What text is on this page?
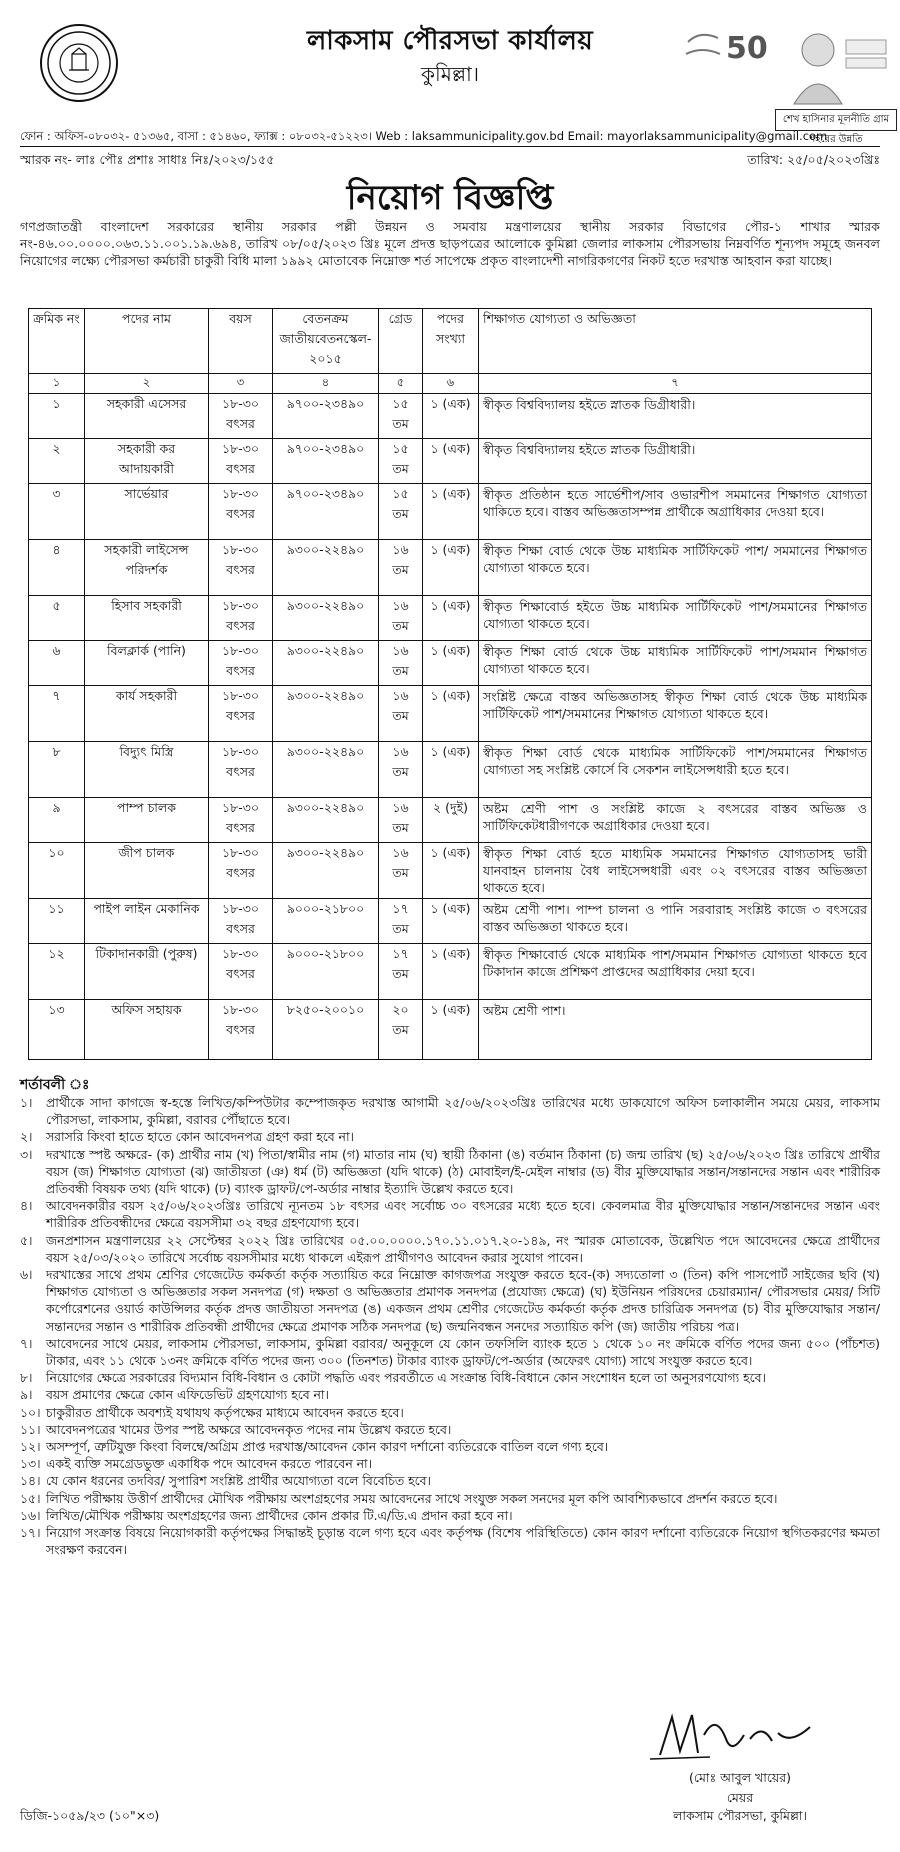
লাকসাম পৌরসভা কার্যালয়
কুমিল্লা।
50
শেখ হাসিনার মূলনীতি গ্রাম শহরের উন্নতি
ফোন : অফিস-০৮০৩২- ৫১৩৬৫, বাসা : ৫১৪৬০, ফ্যাক্স : ০৮০৩২-৫১২২৩। Web : laksammunicipality.gov.bd Email: mayorlaksammunicipality@gmail.com
স্মারক নং- লাঃ পৌঃ প্রশাঃ সাধাঃ নিঃ/২০২৩/১৫৫	তারিখ: ২৫/০৫/২০২৩খ্রিঃ
নিয়োগ বিজ্ঞপ্তি
গণপ্রজাতন্ত্রী বাংলাদেশ সরকারের স্থানীয় সরকার পল্লী উন্নয়ন ও সমবায় মন্ত্রণালয়ের স্থানীয় সরকার বিভাগের পৌর-১ শাখার স্মারক নং-৪৬.০০.০০০০.০৬৩.১১.০০১.১৯.৬৯৪, তারিখ ০৮/০৫/২০২৩ খ্রিঃ মূলে প্রদত্ত ছাড়পত্রের আলোকে কুমিল্লা জেলার লাকসাম পৌরসভায় নিম্নবর্ণিত শূন্যপদ সমূহে জনবল নিয়োগের লক্ষ্যে পৌরসভা কর্মচারী চাকুরী বিধি মালা ১৯৯২ মোতাবেক নিম্নোক্ত শর্ত সাপেক্ষে প্রকৃত বাংলাদেশী নাগরিকগণের নিকট হতে দরখাস্ত আহবান করা যাচ্ছে।
ক্রমিক নং	পদের নাম	বয়স	বেতনক্রম জাতীয়বেতনস্কেল- ২০১৫	গ্রেড	পদের সংখ্যা	শিক্ষাগত যোগ্যতা ও অভিজ্ঞতা
১	২	৩	৪	৫	৬	৭
১	সহকারী এসেসর	১৮-৩০ বৎসর	৯৭০০-২৩৪৯০	১৫ তম	১ (এক)	স্বীকৃত বিশ্ববিদ্যালয় হইতে স্নাতক ডিগ্রীধারী।
২	সহকারী কর আদায়কারী	১৮-৩০ বৎসর	৯৭০০-২৩৪৯০	১৫ তম	১ (এক)	স্বীকৃত বিশ্ববিদ্যালয় হইতে স্নাতক ডিগ্রীধারী।
৩	সার্ভেয়ার	১৮-৩০ বৎসর	৯৭০০-২৩৪৯০	১৫ তম	১ (এক)	স্বীকৃত প্রতিষ্ঠান হতে সার্ভেশীপ/সাব ওভারশীপ সমমানের শিক্ষাগত যোগ্যতা থাকিতে হবে। বাস্তব অভিজ্ঞতাসম্পন্ন প্রার্থীকে অগ্রাধিকার দেওয়া হবে।
৪	সহকারী লাইসেন্স পরিদর্শক	১৮-৩০ বৎসর	৯৩০০-২২৪৯০	১৬ তম	১ (এক)	স্বীকৃত শিক্ষা বোর্ড থেকে উচ্চ মাধ্যমিক সার্টিফিকেট পাশ/ সমমানের শিক্ষাগত যোগ্যতা থাকতে হবে।
৫	হিসাব সহকারী	১৮-৩০ বৎসর	৯৩০০-২২৪৯০	১৬ তম	১ (এক)	স্বীকৃত শিক্ষাবোর্ড হইতে উচ্চ মাধ্যমিক সার্টিফিকেট পাশ/সমমানের শিক্ষাগত যোগ্যতা থাকতে হবে।
৬	বিলক্লার্ক (পানি)	১৮-৩০ বৎসর	৯৩০০-২২৪৯০	১৬ তম	১ (এক)	স্বীকৃত শিক্ষা বোর্ড থেকে উচ্চ মাধ্যমিক সার্টিফিকেট পাশ/সমমান শিক্ষাগত যোগ্যতা থাকতে হবে।
৭	কার্য সহকারী	১৮-৩০ বৎসর	৯৩০০-২২৪৯০	১৬ তম	১ (এক)	সংশ্লিষ্ট ক্ষেত্রে বাস্তব অভিজ্ঞতাসহ স্বীকৃত শিক্ষা বোর্ড থেকে উচ্চ মাধ্যমিক সার্টিফিকেট পাশ/সমমানের শিক্ষাগত যোগ্যতা থাকতে হবে।
৮	বিদ্যুৎ মিস্ত্রি	১৮-৩০ বৎসর	৯৩০০-২২৪৯০	১৬ তম	১ (এক)	স্বীকৃত শিক্ষা বোর্ড থেকে মাধ্যমিক সার্টিফিকেট পাশ/সমমানের শিক্ষাগত যোগ্যতা সহ সংশ্লিষ্ট কোর্সে বি সেকশন লাইসেন্সধারী হতে হবে।
৯	পাম্প চালক	১৮-৩০ বৎসর	৯৩০০-২২৪৯০	১৬ তম	২ (দুই)	অষ্টম শ্রেণী পাশ ও সংশ্লিষ্ট কাজে ২ বৎসরের বাস্তব অভিজ্ঞ ও সার্টিফিকেটধারীগণকে অগ্রাধিকার দেওয়া হবে।
১০	জীপ চালক	১৮-৩০ বৎসর	৯৩০০-২২৪৯০	১৬ তম	১ (এক)	স্বীকৃত শিক্ষা বোর্ড হতে মাধ্যমিক সমমানের শিক্ষাগত যোগ্যতাসহ ভারী যানবাহন চালনায় বৈধ লাইসেন্সধারী এবং ০২ বৎসরের বাস্তব অভিজ্ঞতা থাকতে হবে।
১১	পাইপ লাইন মেকানিক	১৮-৩০ বৎসর	৯০০০-২১৮০০	১৭ তম	১ (এক)	অষ্টম শ্রেণী পাশ। পাম্প চালনা ও পানি সরবারাহ সংশ্লিষ্ট কাজে ৩ বৎসরের বাস্তব অভিজ্ঞতা থাকতে হবে।
১২	টিকাদানকারী (পুরুষ)	১৮-৩০ বৎসর	৯০০০-২১৮০০	১৭ তম	১ (এক)	স্বীকৃত শিক্ষাবোর্ড থেকে মাধ্যমিক পাশ/সমমান শিক্ষাগত যোগ্যতা থাকতে হবে টিকাদান কাজে প্রশিক্ষণ প্রাপ্তদের অগ্রাধিকার দেয়া হবে।
১৩	অফিস সহায়ক	১৮-৩০ বৎসর	৮২৫০-২০০১০	২০ তম	১ (এক)	অষ্টম শ্রেণী পাশ।
শর্তাবলী ঃ
১।	প্রার্থীকে সাদা কাগজে স্ব-হস্তে লিখিত/কম্পিউটার কম্পোজকৃত দরখাস্ত আগামী ২৫/০৬/২০২৩খ্রিঃ তারিখের মধ্যে ডাকযোগে অফিস চলাকালীন সময়ে মেয়র, লাকসাম পৌরসভা, লাকসাম, কুমিল্লা, বরাবর পৌঁছাতে হবে।
২।	সরাসরি কিংবা হাতে হাতে কোন আবেদনপত্র গ্রহণ করা হবে না।
৩।	দরখাস্তে স্পষ্ট অক্ষরে- (ক) প্রার্থীর নাম (খ) পিতা/স্বামীর নাম (গ) মাতার নাম (ঘ) স্থায়ী ঠিকানা (ঙ) বর্তমান ঠিকানা (চ) জন্ম তারিখ (ছ) ২৫/০৬/২০২৩ খ্রিঃ তারিখে প্রার্থীর বয়স (জ) শিক্ষাগত যোগ্যতা (ঝ) জাতীয়তা (ঞ) ধর্ম (ট) অভিজ্ঞতা (যদি থাকে) (ঠ) মোবাইল/ই-মেইল নাম্বার (ড) বীর মুক্তিযোদ্ধার সন্তান/সন্তানদের সন্তান এবং শারীরিক প্রতিবন্ধী বিষয়ক তথ্য (যদি থাকে) (ঢ) ব্যাংক ড্রাফট/পে-অর্ডার নাম্বার ইত্যাদি উল্লেখ করতে হবে।
৪।	আবেদনকারীর বয়স ২৫/০৬/২০২৩খ্রিঃ তারিখে ন্যূনতম ১৮ বৎসর এবং সর্বোচ্চ ৩০ বৎসরের মধ্যে হতে হবে। কেবলমাত্র বীর মুক্তিযোদ্ধার সন্তান/সন্তানদের সন্তান এবং শারীরিক প্রতিবন্ধীদের ক্ষেত্রে বয়সসীমা ৩২ বছর গ্রহণযোগ্য হবে।
৫।	জনপ্রশাসন মন্ত্রণালয়ের ২২ সেপ্টেম্বর ২০২২ খ্রিঃ তারিখের ০৫.০০.০০০০.১৭০.১১.০১৭.২০-১৪৯, নং স্মারক মোতাবেক, উল্লেখিত পদে আবেদনের ক্ষেত্রে প্রার্থীদের বয়স ২৫/০৩/২০২০ তারিখে সর্বোচ্চ বয়সসীমার মধ্যে থাকলে এইরূপ প্রার্থীগণও আবেদন করার সুযোগ পাবেন।
৬।	দরখাস্তের সাথে প্রথম শ্রেণির গেজেটেড কর্মকর্তা কর্তৃক সত্যায়িত করে নিম্নোক্ত কাগজপত্র সংযুক্ত করতে হবে-(ক) সদ্যতোলা ৩ (তিন) কপি পাসপোর্ট সাইজের ছবি (খ) শিক্ষাগত যোগ্যতা ও অভিজ্ঞতার সকল সনদপত্র (গ) দক্ষতা ও অভিজ্ঞতার প্রমাণক সনদপত্র (প্রযোজ্য ক্ষেত্রে) (ঘ) ইউনিয়ন পরিষদের চেয়ারম্যান/ পৌরসভার মেয়র/ সিটি কর্পোরেশনের ওয়ার্ড কাউন্সিলর কর্তৃক প্রদত্ত জাতীয়তা সনদপত্র (ঙ) একজন প্রথম শ্রেণীর গেজেটেড কর্মকর্তা কর্তৃক প্রদত্ত চারিত্রিক সনদপত্র (চ) বীর মুক্তিযোদ্ধার সন্তান/সন্তানদের সন্তান ও শারীরিক প্রতিবন্ধী প্রার্থীদের ক্ষেত্রে প্রমাণক সঠিক সনদপত্র (ছ) জন্মনিবন্ধন সনদের সত্যায়িত কপি (জ) জাতীয় পরিচয় পত্র।
৭।	আবেদনের সাথে মেয়র, লাকসাম পৌরসভা, লাকসাম, কুমিল্লা বরাবর/ অনুকূলে যে কোন তফসিলি ব্যাংক হতে ১ থেকে ১০ নং ক্রমিকে বর্ণিত পদের জন্য ৫০০ (পাঁচশত) টাকার, এবং ১১ থেকে ১৩নং ক্রমিকে বর্ণিত পদের জন্য ৩০০ (তিনশত) টাকার ব্যাংক ড্রাফট/পে-অর্ডার (অফেরৎ যোগ্য) সাথে সংযুক্ত করতে হবে।
৮।	নিয়োগের ক্ষেত্রে সরকারের বিদ্যমান বিধি-বিধান ও কোটা পদ্ধতি এবং পরবর্তীতে এ সংক্রান্ত বিধি-বিধানে কোন সংশোধন হলে তা অনুসরণযোগ্য হবে।
৯।	বয়স প্রমাণের ক্ষেত্রে কোন এফিডেভিট গ্রহণযোগ্য হবে না।
১০। চাকুরীরত প্রার্থীকে অবশ্যই যথাযথ কর্তৃপক্ষের মাধ্যমে আবেদন করতে হবে।
১১। আবেদনপত্রের খামের উপর স্পষ্ট অক্ষরে আবেদনকৃত পদের নাম উল্লেখ করতে হবে।
১২। অসম্পূর্ণ, ত্রুটিযুক্ত কিংবা বিলম্বে/অগ্রিম প্রাপ্ত দরখাস্ত/আবেদন কোন কারণ দর্শানো ব্যতিরেকে বাতিল বলে গণ্য হবে।
১৩। একই ব্যক্তি সমগ্রেডভুক্ত একাধিক পদে আবেদন করতে পারবেন না।
১৪। যে কোন ধরনের তদবির/ সুপারিশ সংশ্লিষ্ট প্রার্থীর অযোগ্যতা বলে বিবেচিত হবে।
১৫। লিখিত পরীক্ষায় উত্তীর্ণ প্রার্থীদের মৌখিক পরীক্ষায় অংশগ্রহণের সময় আবেদনের সাথে সংযুক্ত সকল সনদের মূল কপি আবশ্যিকভাবে প্রদর্শন করতে হবে।
১৬। লিখিত/মৌখিক পরীক্ষায় অংশগ্রহণের জন্য প্রার্থীদের কোন প্রকার টি.এ/ডি.এ প্রদান করা হবে না।
১৭। নিয়োগ সংক্রান্ত বিষয়ে নিয়োগকারী কর্তৃপক্ষের সিদ্ধান্তই চূড়ান্ত বলে গণ্য হবে এবং কর্তৃপক্ষ (বিশেষ পরিস্থিতিতে) কোন কারণ দর্শানো ব্যতিরেকে নিয়োগ স্থগিতকরণের ক্ষমতা সংরক্ষণ করবেন।
(মোঃ আবুল খায়ের)
মেয়র
লাকসাম পৌরসভা, কুমিল্লা।
ডিজি-১০৫৯/২৩ (১০"×৩)
